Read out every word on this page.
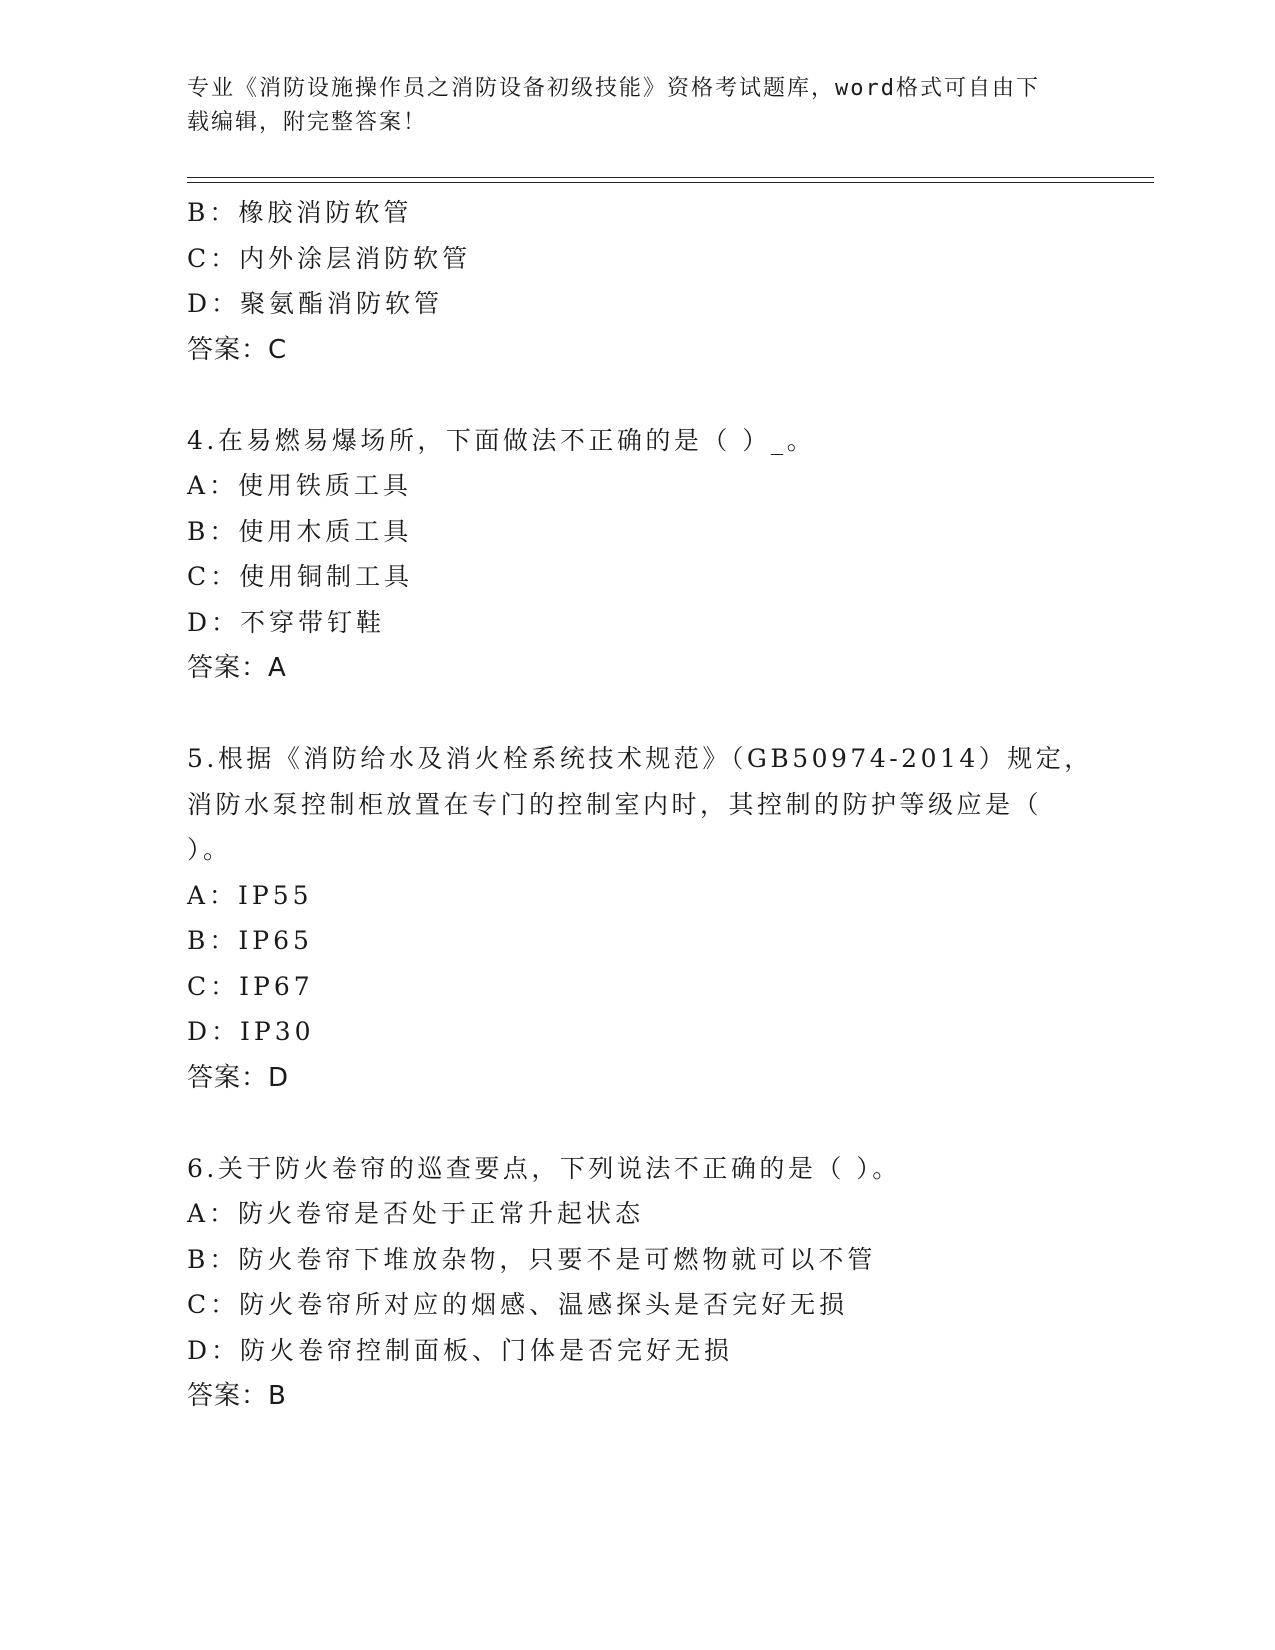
专业《消防设施操作员之消防设备初级技能》资格考试题库，word格式可自由下
载编辑，附完整答案！
B：橡胶消防软管
C：内外涂层消防软管
D：聚氨酯消防软管
答案：C
4.在易燃易爆场所，下面做法不正确的是（ ）_。
A：使用铁质工具
B：使用木质工具
C：使用铜制工具
D：不穿带钉鞋
答案：A
5.根据《消防给水及消火栓系统技术规范》（GB50974-2014）规定，
消防水泵控制柜放置在专门的控制室内时，其控制的防护等级应是（
）。
A：IP55
B：IP65
C：IP67
D：IP30
答案：D
6.关于防火卷帘的巡查要点，下列说法不正确的是（ ）。
A：防火卷帘是否处于正常升起状态
B：防火卷帘下堆放杂物，只要不是可燃物就可以不管
C：防火卷帘所对应的烟感、温感探头是否完好无损
D：防火卷帘控制面板、门体是否完好无损
答案：B
